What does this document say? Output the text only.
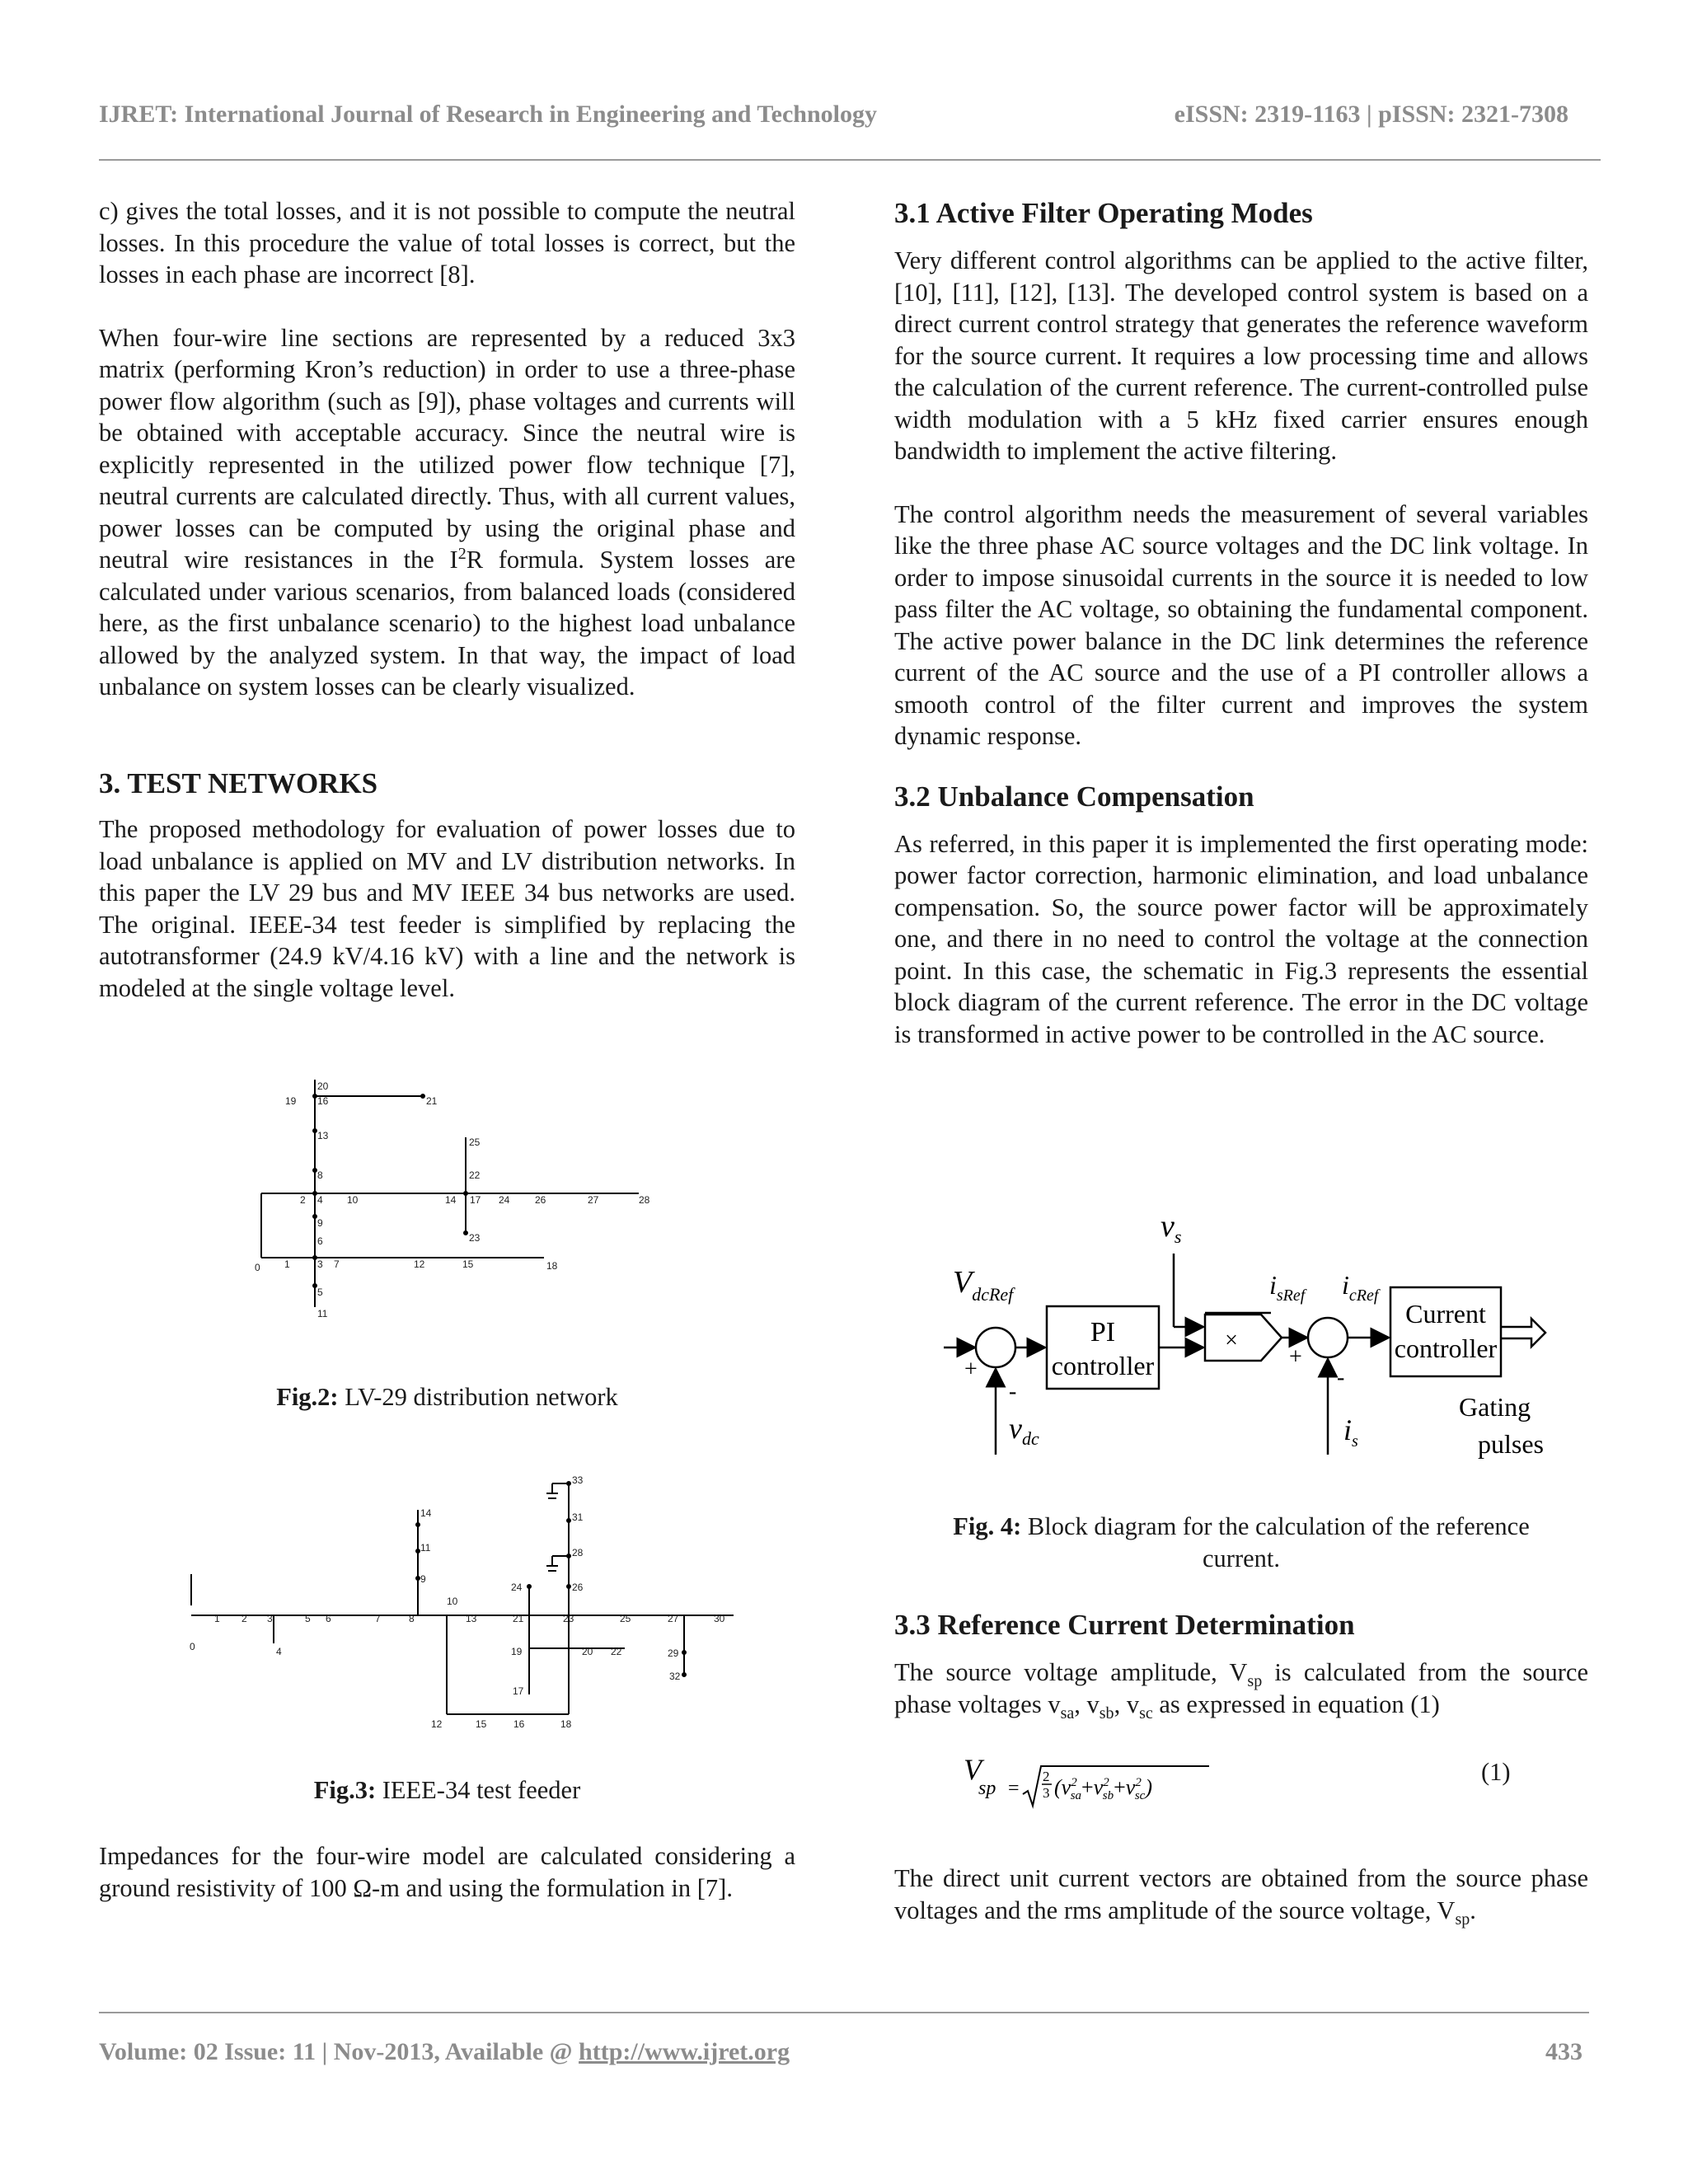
IJRET: International Journal of Research in Engineering and Technology	eISSN: 2319-1163 | pISSN: 2321-7308

c) gives the total losses, and it is not possible to compute the neutral losses. In this procedure the value of total losses is correct, but the losses in each phase are incorrect [8].

When four-wire line sections are represented by a reduced 3x3 matrix (performing Kron’s reduction) in order to use a three-phase power flow algorithm (such as [9]), phase voltages and currents will be obtained with acceptable accuracy. Since the neutral wire is explicitly represented in the utilized power flow technique [7], neutral currents are calculated directly. Thus, with all current values, power losses can be computed by using the original phase and neutral wire resistances in the $I^2R$ formula. System losses are calculated under various scenarios, from balanced loads (considered here, as the first unbalance scenario) to the highest load unbalance allowed by the analyzed system. In that way, the impact of load unbalance on system losses can be clearly visualized.

3. TEST NETWORKS

The proposed methodology for evaluation of power losses due to load unbalance is applied on MV and LV distribution networks. In this paper the LV 29 bus and MV IEEE 34 bus networks are used. The original. IEEE-34 test feeder is simplified by replacing the autotransformer (24.9 kV/4.16 kV) with a line and the network is modeled at the single voltage level.

19
20
16	21
13
8
2 4 10
9
6
1	3 7
0
5
11
12	15	18
25
22
14 17 24	26	27	28
23
Fig.2: LV-29 distribution network
0
1 2 3
4
5 6	7	8
14
11
9
10
13
24
21
19
17
33
31
28
26
23	25
20 22
27	30
29
32
12	15	16	18
Fig.3: IEEE-34 test feeder

Impedances for the four-wire model are calculated considering a ground resistivity of 100 Ω-m and using the formulation in [7].

3.1 Active Filter Operating Modes

Very different control algorithms can be applied to the active filter, [10], [11], [12], [13]. The developed control system is based on a direct current control strategy that generates the reference waveform for the source current. It requires a low processing time and allows the calculation of the current reference. The current-controlled pulse width modulation with a 5 kHz fixed carrier ensures enough bandwidth to implement the active filtering.

The control algorithm needs the measurement of several variables like the three phase AC source voltages and the DC link voltage. In order to impose sinusoidal currents in the source it is needed to low pass filter the AC voltage, so obtaining the fundamental component. The active power balance in the DC link determines the reference current of the AC source and the use of a PI controller allows a smooth control of the filter current and improves the system dynamic response.

3.2 Unbalance Compensation

As referred, in this paper it is implemented the first operating mode: power factor correction, harmonic elimination, and load unbalance compensation. So, the source power factor will be approximately one, and there in no need to control the voltage at the connection point. In this case, the schematic in Fig.3 represents the essential block diagram of the current reference. The error in the DC voltage is transformed in active power to be controlled in the AC source.

$V_{dcRef}$
$v_s$
$i_{sRef}$ $i_{cRef}$
$v_{dc}$	$i_s$
Gating
pulses
+
-
+
-
PI
controller
×
Current
controller
Fig. 4: Block diagram for the calculation of the reference
current.
3.3 Reference Current Determination

The source voltage amplitude, $V_{sp}$ is calculated from the source phase voltages $v_{sa}$, $v_{sb}$, $v_{sc}$ as expressed in equation (1)

V
sp =
2
3 ($v^2$ $sa+v^2$ $sb+v^2$ sc)
(1)

The direct unit current vectors are obtained from the source phase voltages and the rms amplitude of the source voltage, $V_{sp}$.

Volume: 02 Issue: 11 | Nov-2013, Available @ http://www.ijret.org	433
